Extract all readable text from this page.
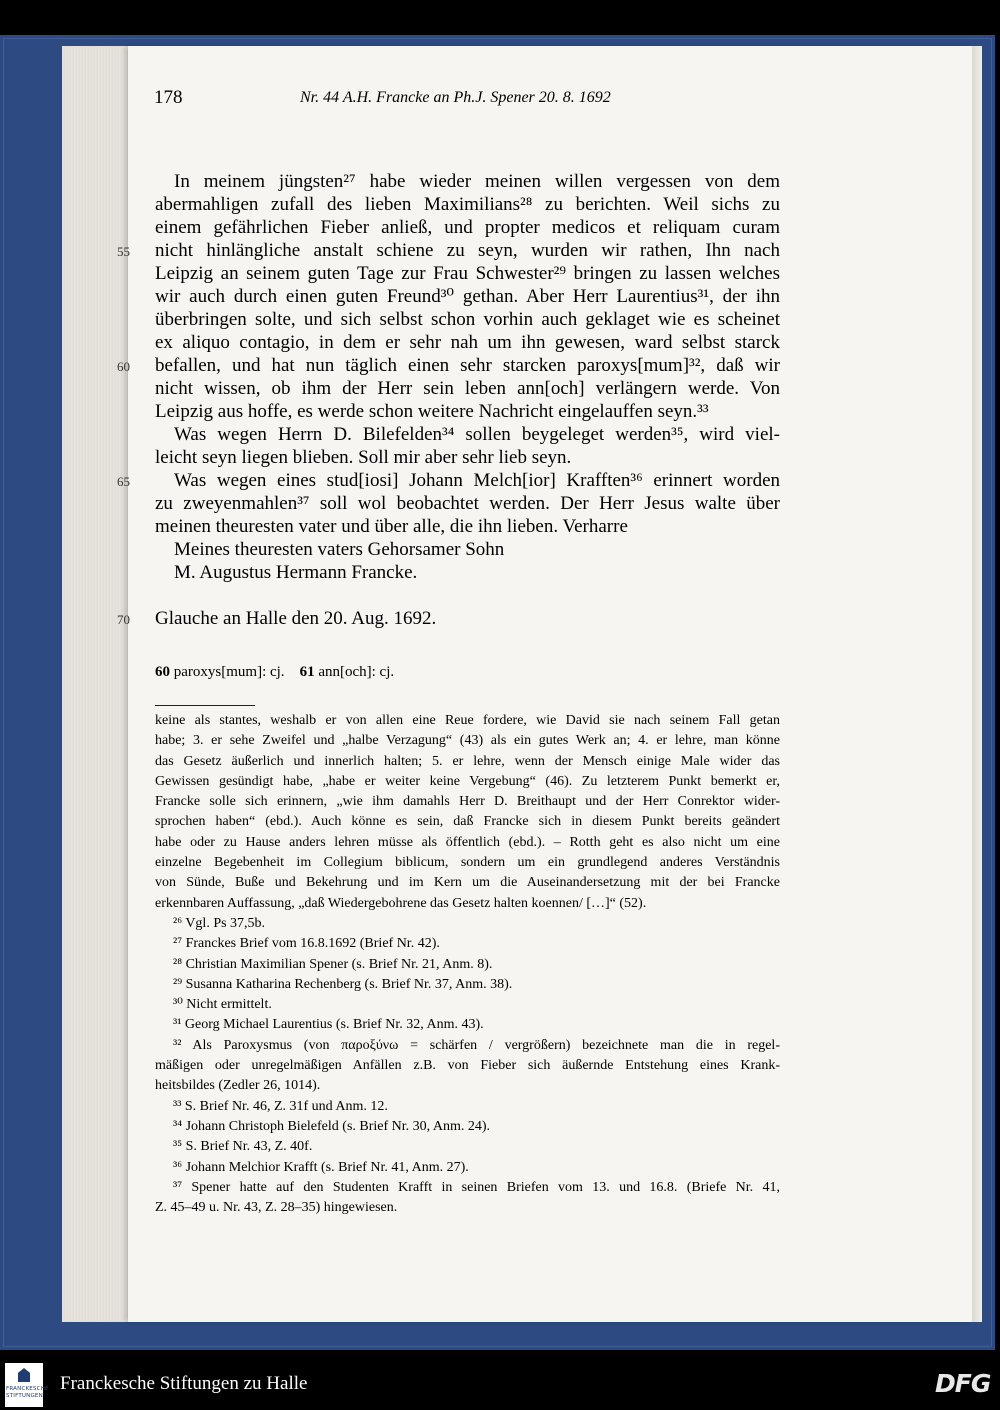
178	Nr. 44 A.H. Francke an Ph.J. Spener 20. 8. 1692
In meinem jüngsten²⁷ habe wieder meinen willen vergessen von dem
abermahligen zufall des lieben Maximilians²⁸ zu berichten. Weil sichs zu
einem gefährlichen Fieber anließ, und propter medicos et reliquam curam
55 nicht hinlängliche anstalt schiene zu seyn, wurden wir rathen, Ihn nach
Leipzig an seinem guten Tage zur Frau Schwester²⁹ bringen zu lassen welches
wir auch durch einen guten Freund³⁰ gethan. Aber Herr Laurentius³¹, der ihn
überbringen solte, und sich selbst schon vorhin auch geklaget wie es scheinet
ex aliquo contagio, in dem er sehr nah um ihn gewesen, ward selbst starck
60 befallen, und hat nun täglich einen sehr starcken paroxys[mum]³², daß wir
nicht wissen, ob ihm der Herr sein leben ann[och] verlängern werde. Von
Leipzig aus hoffe, es werde schon weitere Nachricht eingelauffen seyn.³³
Was wegen Herrn D. Bilefelden³⁴ sollen beygeleget werden³⁵, wird viel-
leicht seyn liegen blieben. Soll mir aber sehr lieb seyn.
65 Was wegen eines stud[iosi] Johann Melch[ior] Krafften³⁶ erinnert worden
zu zweyenmahlen³⁷ soll wol beobachtet werden. Der Herr Jesus walte über
meinen theuresten vater und über alle, die ihn lieben. Verharre
Meines theuresten vaters Gehorsamer Sohn
M. Augustus Hermann Francke.
70 Glauche an Halle den 20. Aug. 1692.
60 paroxys[mum]: cj. 61 ann[och]: cj.
keine als stantes, weshalb er von allen eine Reue fordere, wie David sie nach seinem Fall getan
habe; 3. er sehe Zweifel und „halbe Verzagung“ (43) als ein gutes Werk an; 4. er lehre, man könne
das Gesetz äußerlich und innerlich halten; 5. er lehre, wenn der Mensch einige Male wider das
Gewissen gesündigt habe, „habe er weiter keine Vergebung“ (46). Zu letzterem Punkt bemerkt er,
Francke solle sich erinnern, „wie ihm damahls Herr D. Breithaupt und der Herr Conrektor wider-
sprochen haben“ (ebd.). Auch könne es sein, daß Francke sich in diesem Punkt bereits geändert
habe oder zu Hause anders lehren müsse als öffentlich (ebd.). – Rotth geht es also nicht um eine
einzelne Begebenheit im Collegium biblicum, sondern um ein grundlegend anderes Verständnis
von Sünde, Buße und Bekehrung und im Kern um die Auseinandersetzung mit der bei Francke
erkennbaren Auffassung, „daß Wiedergebohrene das Gesetz halten koennen/ […]“ (52).
²⁶ Vgl. Ps 37,5b.
²⁷ Franckes Brief vom 16.8.1692 (Brief Nr. 42).
²⁸ Christian Maximilian Spener (s. Brief Nr. 21, Anm. 8).
²⁹ Susanna Katharina Rechenberg (s. Brief Nr. 37, Anm. 38).
³⁰ Nicht ermittelt.
³¹ Georg Michael Laurentius (s. Brief Nr. 32, Anm. 43).
³² Als Paroxysmus (von παροξύνω = schärfen / vergrößern) bezeichnete man die in regel-
mäßigen oder unregelmäßigen Anfällen z.B. von Fieber sich äußernde Entstehung eines Krank-
heitsbildes (Zedler 26, 1014).
³³ S. Brief Nr. 46, Z. 31f und Anm. 12.
³⁴ Johann Christoph Bielefeld (s. Brief Nr. 30, Anm. 24).
³⁵ S. Brief Nr. 43, Z. 40f.
³⁶ Johann Melchior Krafft (s. Brief Nr. 41, Anm. 27).
³⁷ Spener hatte auf den Studenten Krafft in seinen Briefen vom 13. und 16.8. (Briefe Nr. 41,
Z. 45–49 u. Nr. 43, Z. 28–35) hingewiesen.
FRANCKESCHE STIFTUNGEN
Franckesche Stiftungen zu Halle	DFG
